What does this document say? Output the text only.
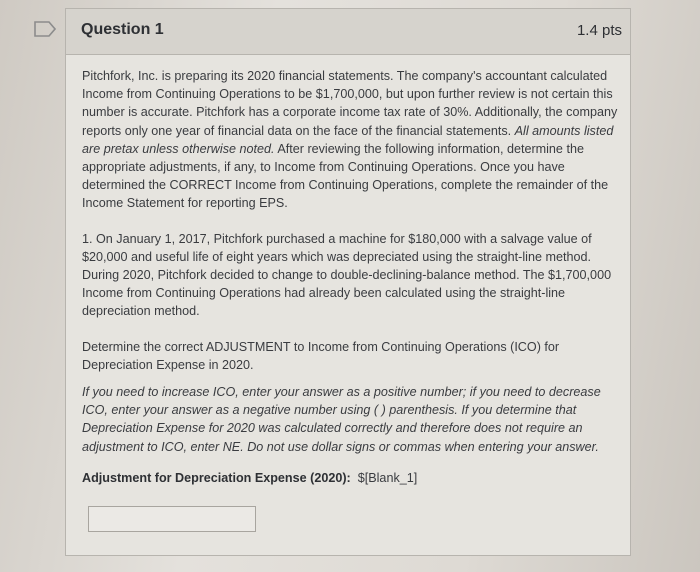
Question 1	1.4 pts

Pitchfork, Inc. is preparing its 2020 financial statements. The company's accountant calculated Income from Continuing Operations to be $1,700,000, but upon further review is not certain this number is accurate. Pitchfork has a corporate income tax rate of 30%. Additionally, the company reports only one year of financial data on the face of the financial statements. All amounts listed are pretax unless otherwise noted. After reviewing the following information, determine the appropriate adjustments, if any, to Income from Continuing Operations. Once you have determined the CORRECT Income from Continuing Operations, complete the remainder of the Income Statement for reporting EPS.

1. On January 1, 2017, Pitchfork purchased a machine for $180,000 with a salvage value of $20,000 and useful life of eight years which was depreciated using the straight-line method. During 2020, Pitchfork decided to change to double-declining-balance method. The $1,700,000 Income from Continuing Operations had already been calculated using the straight-line depreciation method.

Determine the correct ADJUSTMENT to Income from Continuing Operations (ICO) for Depreciation Expense in 2020.

If you need to increase ICO, enter your answer as a positive number; if you need to decrease ICO, enter your answer as a negative number using ( ) parenthesis. If you determine that Depreciation Expense for 2020 was calculated correctly and therefore does not require an adjustment to ICO, enter NE. Do not use dollar signs or commas when entering your answer.

Adjustment for Depreciation Expense (2020): $[Blank_1]
